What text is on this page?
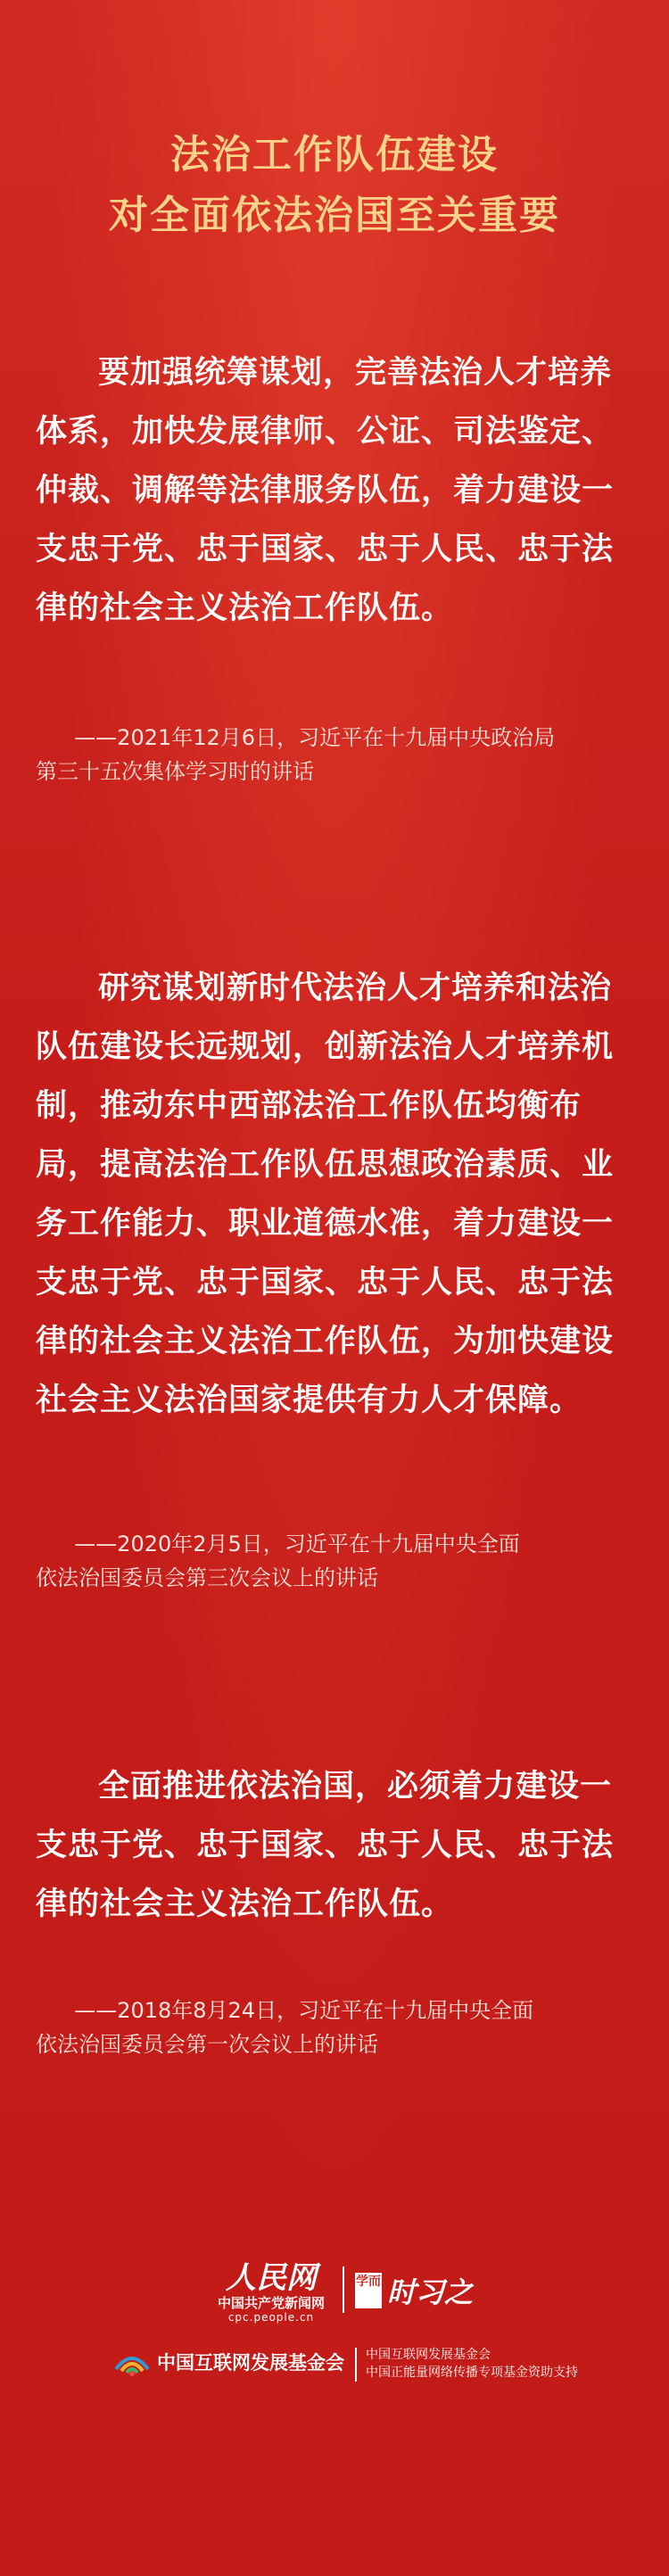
法治工作队伍建设
对全面依法治国至关重要
要加强统筹谋划，完善法治人才培养体系，加快发展律师、公证、司法鉴定、仲裁、调解等法律服务队伍，着力建设一支忠于党、忠于国家、忠于人民、忠于法律的社会主义法治工作队伍。

——2021年12月6日，习近平在十九届中央政治局

第三十五次集体学习时的讲话

研究谋划新时代法治人才培养和法治队伍建设长远规划，创新法治人才培养机制，推动东中西部法治工作队伍均衡布局，提高法治工作队伍思想政治素质、业务工作能力、职业道德水准，着力建设一支忠于党、忠于国家、忠于人民、忠于法律的社会主义法治工作队伍，为加快建设社会主义法治国家提供有力人才保障。

——2020年2月5日，习近平在十九届中央全面

依法治国委员会第三次会议上的讲话

全面推进依法治国，必须着力建设一支忠于党、忠于国家、忠于人民、忠于法律的社会主义法治工作队伍。

——2018年8月24日，习近平在十九届中央全面

依法治国委员会第一次会议上的讲话

人民网
中国共产党新闻网
cpc.people.cn
学而 时习之
中国互联网发展基金会 中国互联网发展基金会
中国正能量网络传播专项基金资助支持
